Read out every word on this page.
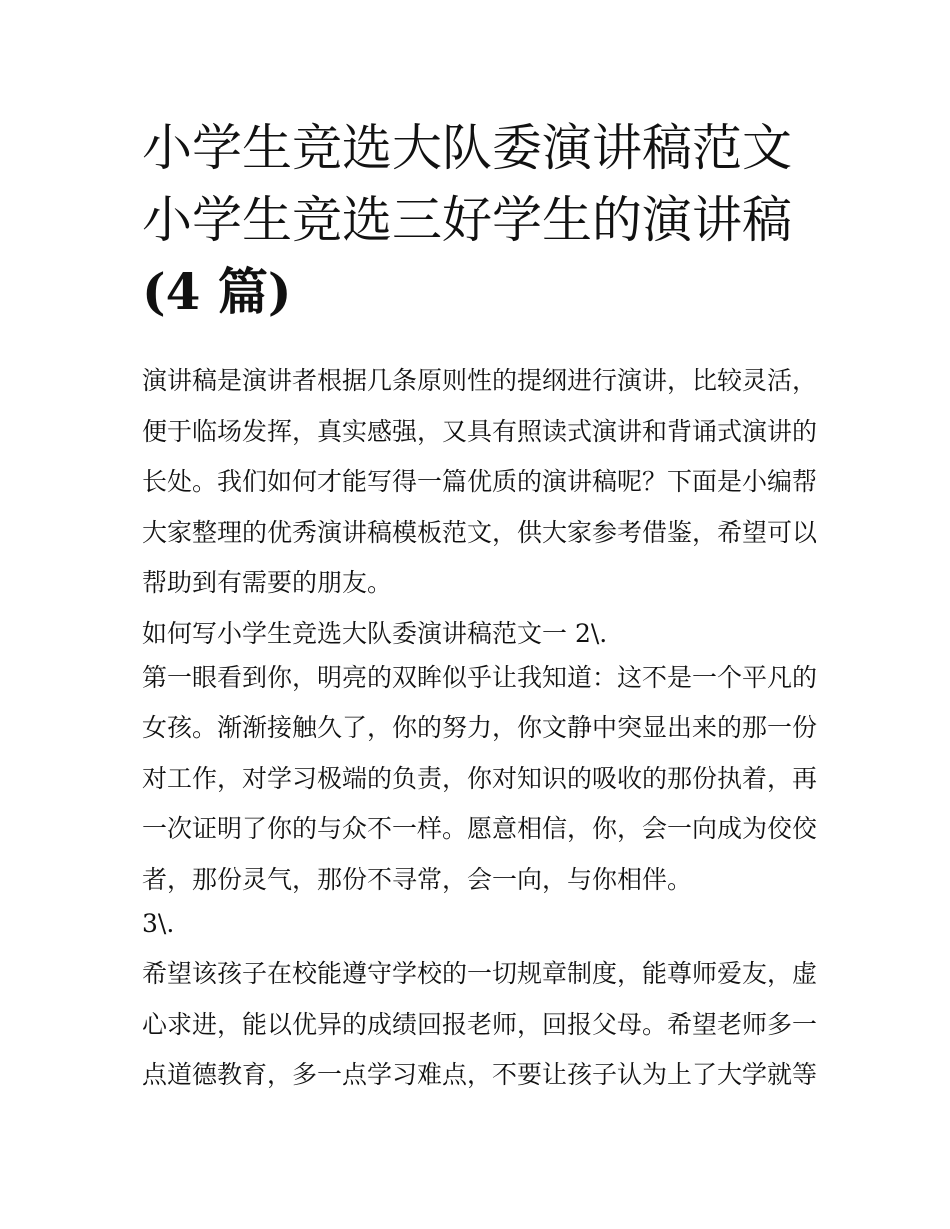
小学生竞选大队委演讲稿范文
小学生竞选三好学生的演讲稿
(4 篇)
演讲稿是演讲者根据几条原则性的提纲进行演讲，比较灵活，
便于临场发挥，真实感强，又具有照读式演讲和背诵式演讲的
长处。我们如何才能写得一篇优质的演讲稿呢？下面是小编帮
大家整理的优秀演讲稿模板范文，供大家参考借鉴，希望可以
帮助到有需要的朋友。
如何写小学生竞选大队委演讲稿范文一 2\.
第一眼看到你，明亮的双眸似乎让我知道：这不是一个平凡的
女孩。渐渐接触久了，你的努力，你文静中突显出来的那一份
对工作，对学习极端的负责，你对知识的吸收的那份执着，再
一次证明了你的与众不一样。愿意相信，你，会一向成为佼佼
者，那份灵气，那份不寻常，会一向，与你相伴。
3\.
希望该孩子在校能遵守学校的一切规章制度，能尊师爱友，虚
心求进，能以优异的成绩回报老师，回报父母。希望老师多一
点道德教育，多一点学习难点，不要让孩子认为上了大学就等
